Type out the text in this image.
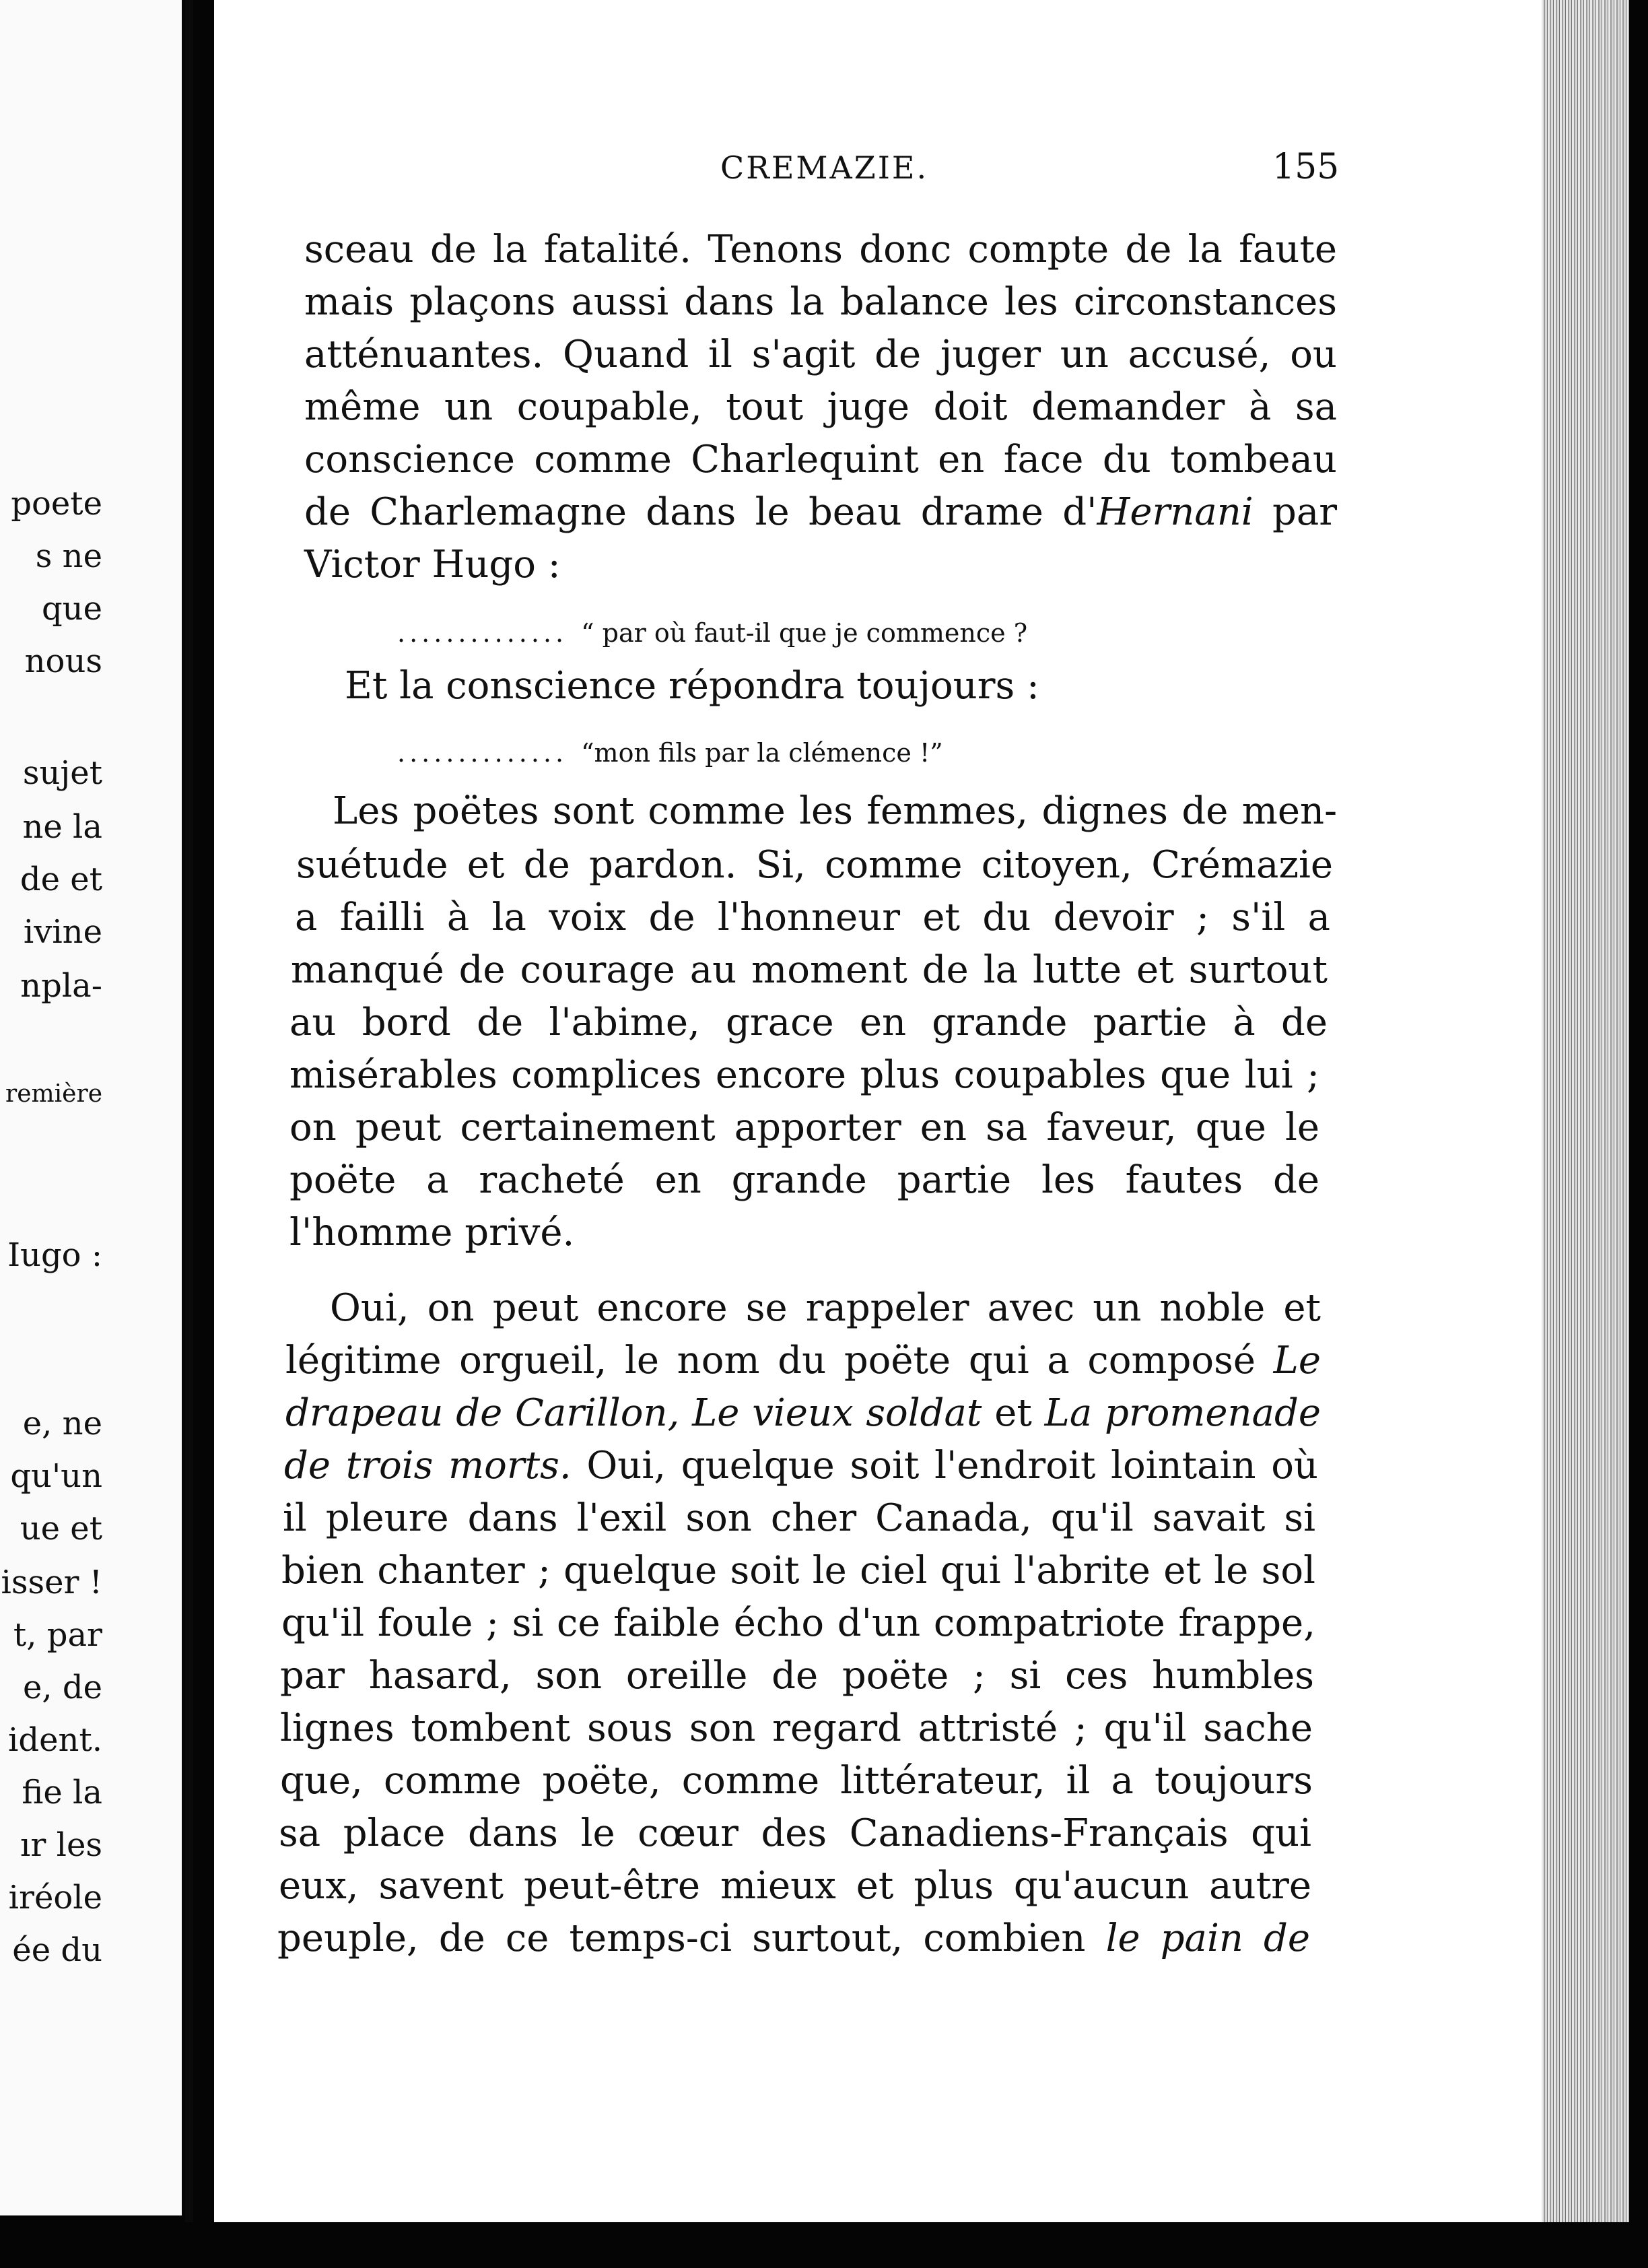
poete
s ne
que
nous
sujet
ne la
de et
ivine
npla-
remière
Iugo :
e, ne
qu'un
ue et
isser !
t, par
e, de
ident.
fie la
ır les
iréole
ée du
CREMAZIE.	155
sceau de la fatalité. Tenons donc compte de la faute
mais plaçons aussi dans la balance les circonstances
atténuantes. Quand il s'agit de juger un accusé, ou
même un coupable, tout juge doit demander à sa
conscience comme Charlequint en face du tombeau
de Charlemagne dans le beau drame d'Hernani par
Victor Hugo :
.............. “ par où faut-il que je commence ?
Et la conscience répondra toujours :
.............. “mon fils par la clémence !”
Les poëtes sont comme les femmes, dignes de men-
suétude et de pardon. Si, comme citoyen, Crémazie
a failli à la voix de l'honneur et du devoir ; s'il a
manqué de courage au moment de la lutte et surtout
au bord de l'abime, grace en grande partie à de
misérables complices encore plus coupables que lui ;
on peut certainement apporter en sa faveur, que le
poëte a racheté en grande partie les fautes de
l'homme privé.
Oui, on peut encore se rappeler avec un noble et
légitime orgueil, le nom du poëte qui a composé Le
drapeau de Carillon, Le vieux soldat et La promenade
de trois morts. Oui, quelque soit l'endroit lointain où
il pleure dans l'exil son cher Canada, qu'il savait si
bien chanter ; quelque soit le ciel qui l'abrite et le sol
qu'il foule ; si ce faible écho d'un compatriote frappe,
par hasard, son oreille de poëte ; si ces humbles
lignes tombent sous son regard attristé ; qu'il sache
que, comme poëte, comme littérateur, il a toujours
sa place dans le cœur des Canadiens-Français qui
eux, savent peut-être mieux et plus qu'aucun autre
peuple, de ce temps-ci surtout, combien le pain de
